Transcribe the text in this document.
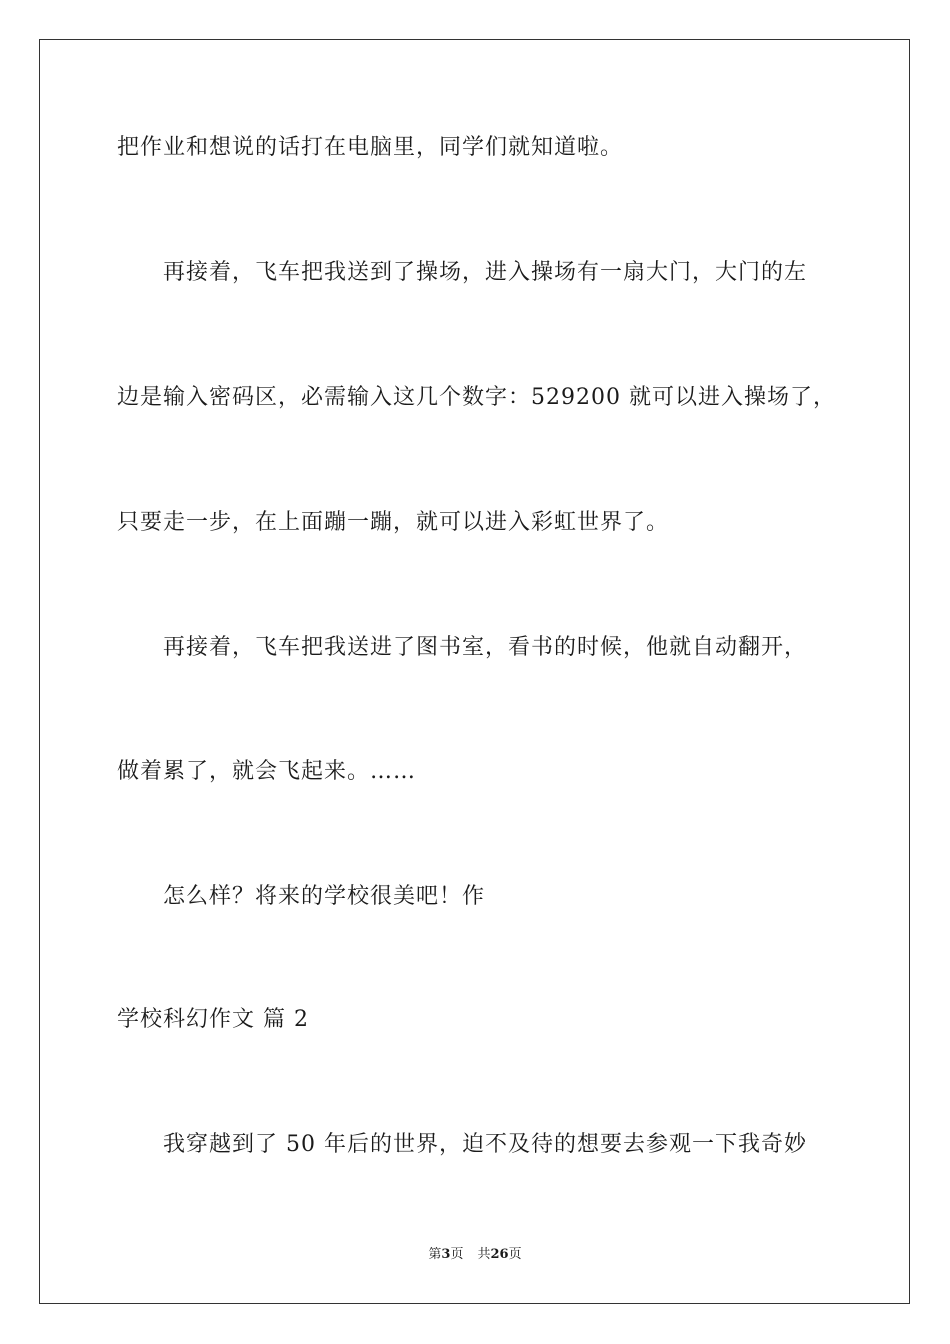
把作业和想说的话打在电脑里，同学们就知道啦。
再接着，飞车把我送到了操场，进入操场有一扇大门，大门的左
边是输入密码区，必需输入这几个数字：529200 就可以进入操场了，
只要走一步，在上面蹦一蹦，就可以进入彩虹世界了。
再接着，飞车把我送进了图书室，看书的时候，他就自动翻开，
做着累了，就会飞起来。……
怎么样？将来的学校很美吧！作
学校科幻作文 篇 2
我穿越到了 50 年后的世界，迫不及待的想要去参观一下我奇妙
第3页 共26页
